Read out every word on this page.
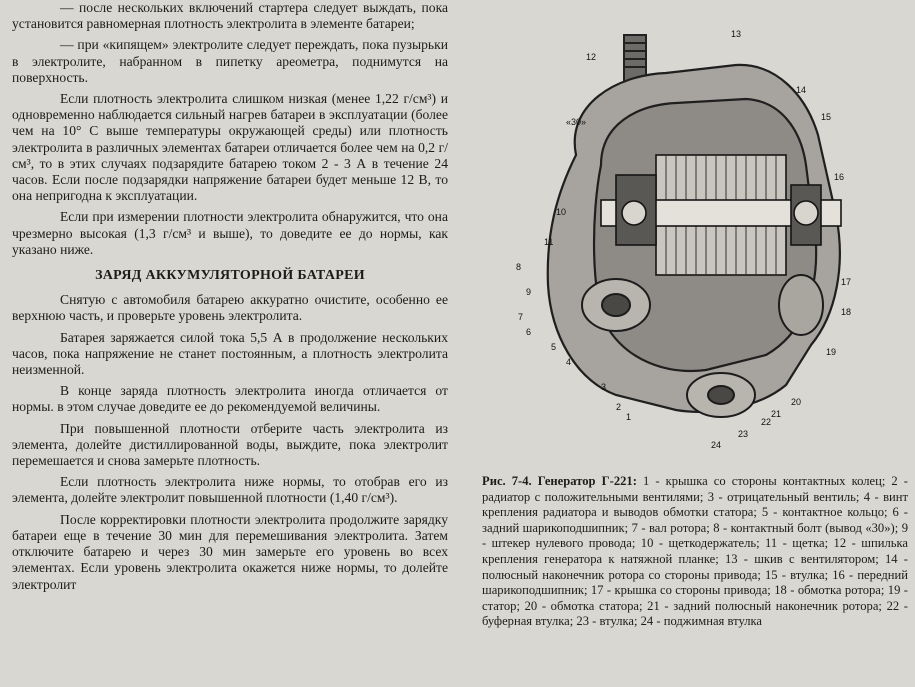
— после нескольких включений стартера следует выждать, пока установится равномерная плотность электролита в элементе батареи;

— при «кипящем» электролите следует переждать, пока пузырьки в электролите, набранном в пипетку ареометра, поднимутся на поверхность.

Если плотность электролита слишком низкая (менее 1,22 г/см³) и одновременно наблюдается сильный нагрев батареи в эксплуатации (более чем на 10° С выше температуры окружающей среды) или плотность электролита в различных элементах батареи отличается более чем на 0,2 г/см³, то в этих случаях подзарядите батарею током 2 - 3 А в течение 24 часов. Если после подзарядки напряжение батареи будет меньше 12 В, то она непригодна к эксплуатации.

Если при измерении плотности электролита обнаружится, что она чрезмерно высокая (1,3 г/см³ и выше), то доведите ее до нормы, как указано ниже.

ЗАРЯД АККУМУЛЯТОРНОЙ БАТАРЕИ

Снятую с автомобиля батарею аккуратно очистите, особенно ее верхнюю часть, и проверьте уровень электролита.

Батарея заряжается силой тока 5,5 А в продолжение нескольких часов, пока напряжение не станет постоянным, а плотность электролита неизменной.

В конце заряда плотность электролита иногда отличается от нормы. в этом случае доведите ее до рекомендуемой величины.

При повышенной плотности отберите часть электролита из элемента, долейте дистиллированной воды, выждите, пока электролит перемешается и снова замерьте плотность.

Если плотность электролита ниже нормы, то отобрав его из элемента, долейте электролит повышенной плотности (1,40 г/см³).

После корректировки плотности электролита продолжите зарядку батареи еще в течение 30 мин для перемешивания электролита. Затем отключите батарею и через 30 мин замерьте его уровень во всех элементах. Если уровень электролита окажется ниже нормы, то долейте электролит

12
13
14
15
16
17
18
19
20
21
22
23
24
«30»
8
9
7
6
5
4
3
2
1
10
11
Рис. 7-4. Генератор Г-221: 1 - крышка со стороны контактных колец; 2 - радиатор с положительными вентилями; 3 - отрицательный вентиль; 4 - винт крепления радиатора и выводов обмотки статора; 5 - контактное кольцо; 6 - задний шарикоподшипник; 7 - вал ротора; 8 - контактный болт (вывод «30»); 9 - штекер нулевого провода; 10 - щеткодержатель; 11 - щетка; 12 - шпилька крепления генератора к натяжной планке; 13 - шкив с вентилятором; 14 - полюсный наконечник ротора со стороны привода; 15 - втулка; 16 - передний шарикоподшипник; 17 - крышка со стороны привода; 18 - обмотка ротора; 19 - статор; 20 - обмотка статора; 21 - задний полюсный наконечник ротора; 22 - буферная втулка; 23 - втулка; 24 - поджимная втулка
